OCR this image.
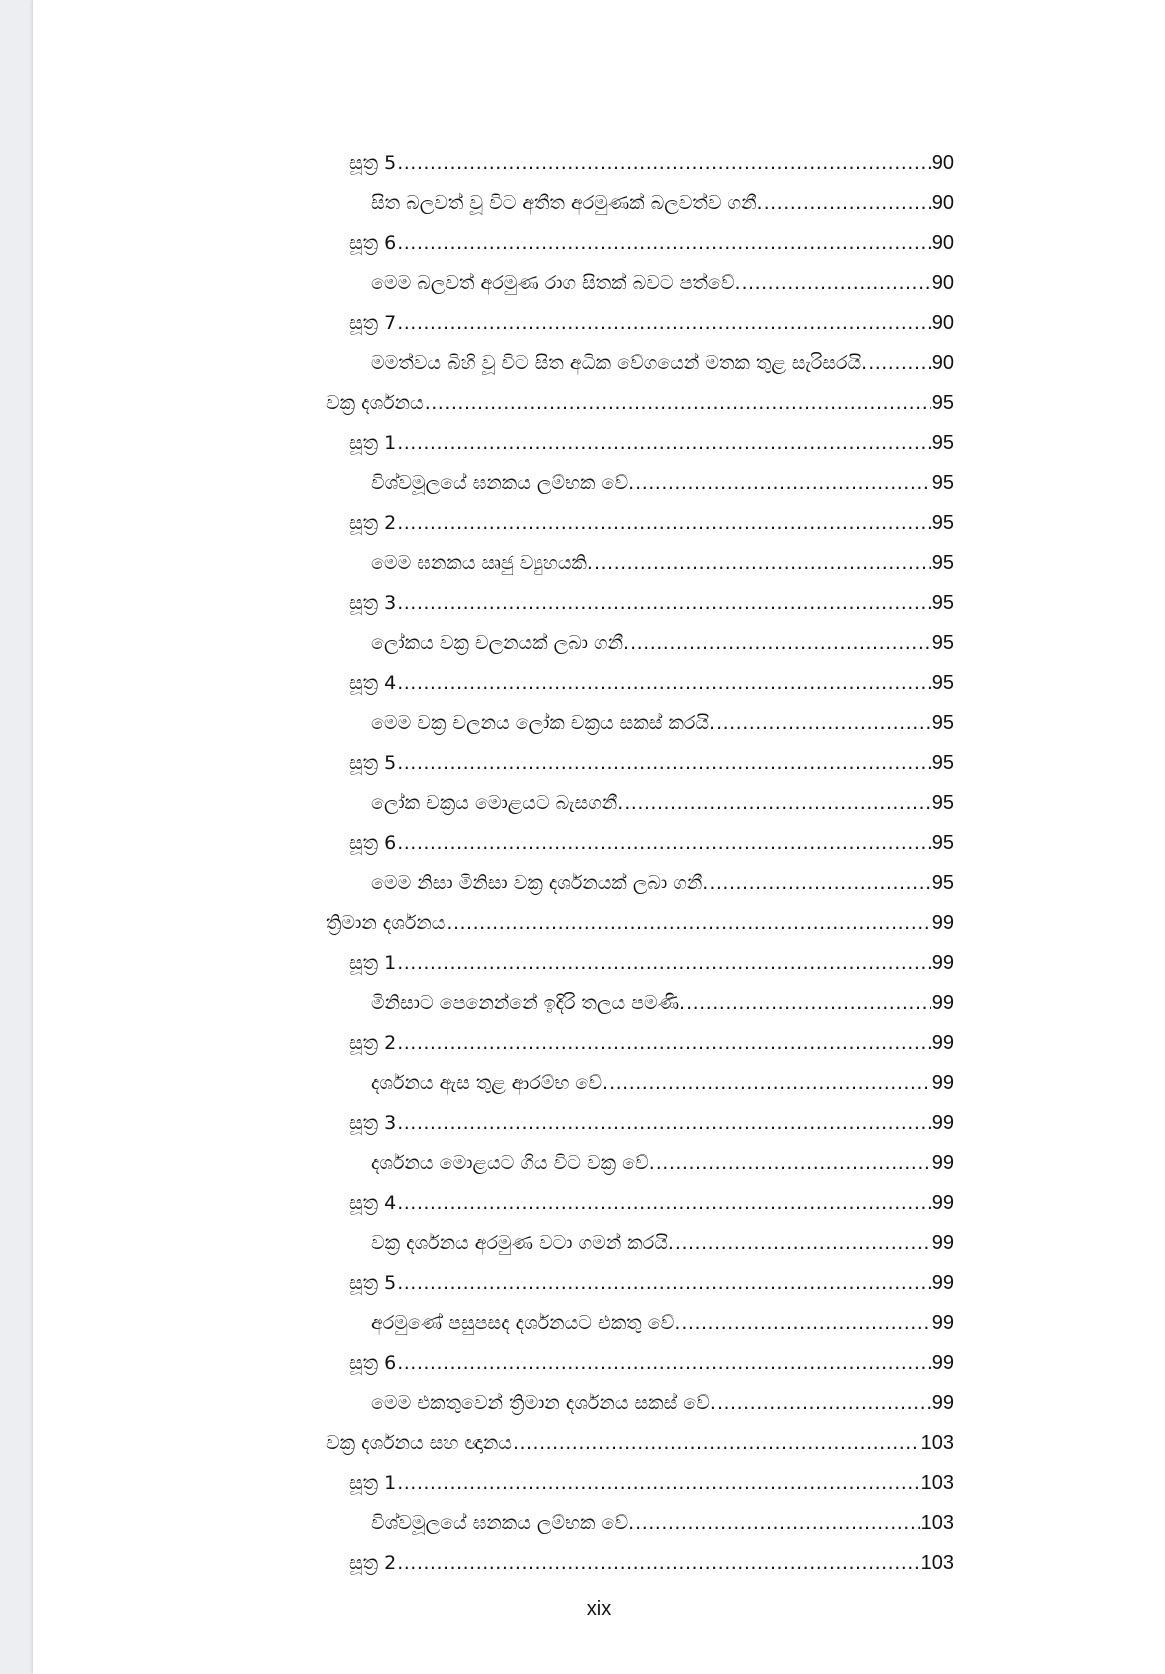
සූත්‍ර 5 .....	90
සිත බලවත් වූ විට අතීත අරමුණක් බලවත්ව ගනී. .....	90
සූත්‍ර 6 .....	90
මෙම බලවත් අරමුණ රාග සිතක් බවට පත්වේ. .....	90
සූත්‍ර 7 .....	90
මමත්වය බිහි වූ විට සිත අධික වේගයෙන් මතක තුළ සැරිසරයි. .....	90
වක්‍ර දර්ශනය .....	95
සූත්‍ර 1 .....	95
විශ්වමූලයේ ඝනකය ලම්භක වේ. .....	95
සූත්‍ර 2 .....	95
මෙම ඝනකය ඍජු ව්‍යුහයකි. .....	95
සූත්‍ර 3 .....	95
ලෝකය වක්‍ර චලනයක් ලබා ගනී. .....	95
සූත්‍ර 4 .....	95
මෙම වක්‍ර චලනය ලෝක චක්‍රය සකස් කරයි. .....	95
සූත්‍ර 5 .....	95
ලෝක චක්‍රය මොළයට බැසගනී. .....	95
සූත්‍ර 6 .....	95
මෙම නිසා මිනිසා වක්‍ර දර්ශනයක් ලබා ගනී. .....	95
ත්‍රිමාන දර්ශනය .....	99
සූත්‍ර 1 .....	99
මිනිසාට පෙනෙන්නේ ඉදිරි තලය පමණි. .....	99
සූත්‍ර 2 .....	99
දර්ශනය ඇස තුළ ආරම්භ වේ. .....	99
සූත්‍ර 3 .....	99
දර්ශනය මොළයට ගිය විට වක්‍ර වේ. .....	99
සූත්‍ර 4 .....	99
වක්‍ර දර්ශනය අරමුණ වටා ගමන් කරයි. .....	99
සූත්‍ර 5 .....	99
අරමුණේ පසුපසද දර්ශනයට එකතු වේ. .....	99
සූත්‍ර 6 .....	99
මෙම එකතුවෙන් ත්‍රිමාන දර්ශනය සකස් වේ. .....	99
වක්‍ර දර්ශනය සහ ඥානය .....	103
සූත්‍ර 1 .....	103
විශ්වමූලයේ ඝනකය ලම්භක වේ. .....	103
සූත්‍ර 2 .....	103
xix
